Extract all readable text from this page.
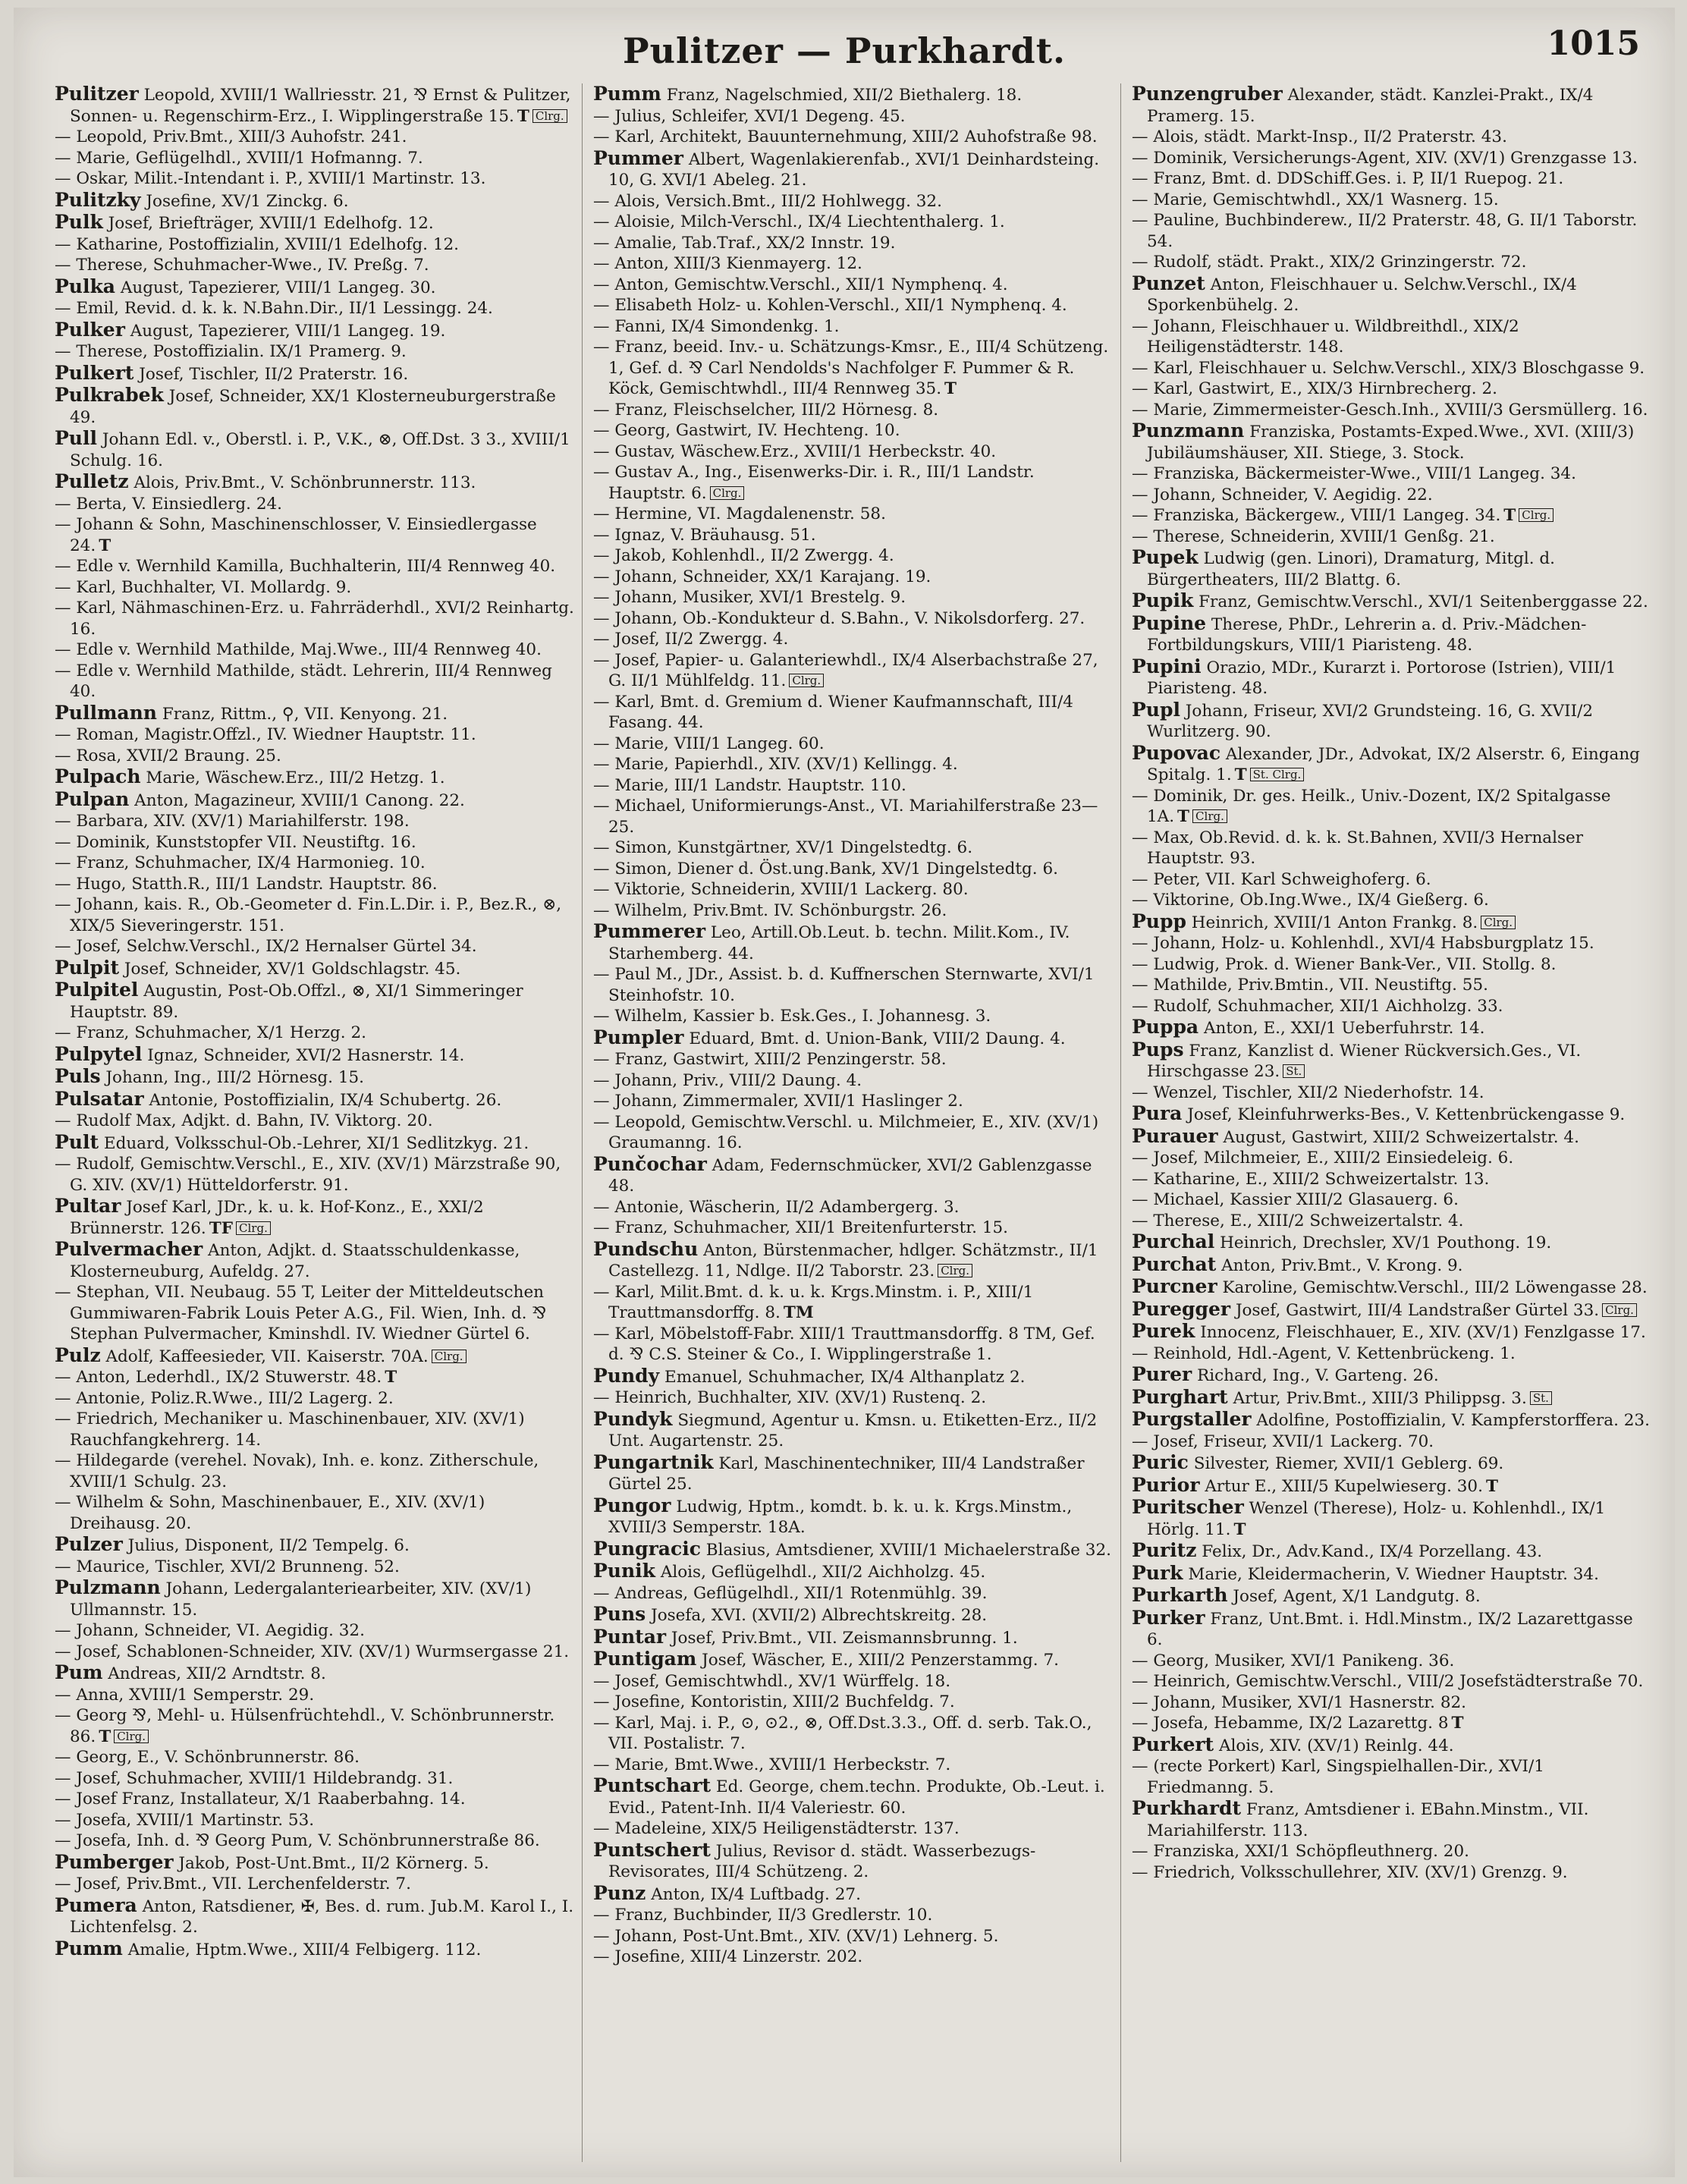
Pulitzer — Purkhardt.	1015

Pulitzer Leopold, XVIII/1 Wallriesstr. 21, ⅋ Ernst & Pulitzer, Sonnen- u. Regenschirm-Erz., I. Wipplingerstraße 15. T Clrg.

— Leopold, Priv.Bmt., XIII/3 Auhofstr. 241.

— Marie, Geflügelhdl., XVIII/1 Hofmanng. 7.

— Oskar, Milit.-Intendant i. P., XVIII/1 Martinstr. 13.

Pulitzky Josefine, XV/1 Zinckg. 6.

Pulk Josef, Briefträger, XVIII/1 Edelhofg. 12.

— Katharine, Postoffizialin, XVIII/1 Edelhofg. 12.

— Therese, Schuhmacher-Wwe., IV. Preßg. 7.

Pulka August, Tapezierer, VIII/1 Langeg. 30.

— Emil, Revid. d. k. k. N.Bahn.Dir., II/1 Lessingg. 24.

Pulker August, Tapezierer, VIII/1 Langeg. 19.

— Therese, Postoffizialin. IX/1 Pramerg. 9.

Pulkert Josef, Tischler, II/2 Praterstr. 16.

Pulkrabek Josef, Schneider, XX/1 Klosterneuburgerstraße 49.

Pull Johann Edl. v., Oberstl. i. P., V.K., ⊗, Off.Dst. 3 3., XVIII/1 Schulg. 16.

Pulletz Alois, Priv.Bmt., V. Schönbrunnerstr. 113.

— Berta, V. Einsiedlerg. 24.

— Johann & Sohn, Maschinenschlosser, V. Einsiedlergasse 24. T

— Edle v. Wernhild Kamilla, Buchhalterin, III/4 Rennweg 40.

— Karl, Buchhalter, VI. Mollardg. 9.

— Karl, Nähmaschinen-Erz. u. Fahrräderhdl., XVI/2 Reinhartg. 16.

— Edle v. Wernhild Mathilde, Maj.Wwe., III/4 Rennweg 40.

— Edle v. Wernhild Mathilde, städt. Lehrerin, III/4 Rennweg 40.

Pullmann Franz, Rittm., ⚲, VII. Kenyong. 21.

— Roman, Magistr.Offzl., IV. Wiedner Hauptstr. 11.

— Rosa, XVII/2 Braung. 25.

Pulpach Marie, Wäschew.Erz., III/2 Hetzg. 1.

Pulpan Anton, Magazineur, XVIII/1 Canong. 22.

— Barbara, XIV. (XV/1) Mariahilferstr. 198.

— Dominik, Kunststopfer VII. Neustiftg. 16.

— Franz, Schuhmacher, IX/4 Harmonieg. 10.

— Hugo, Statth.R., III/1 Landstr. Hauptstr. 86.

— Johann, kais. R., Ob.-Geometer d. Fin.L.Dir. i. P., Bez.R., ⊗, XIX/5 Sieveringerstr. 151.

— Josef, Selchw.Verschl., IX/2 Hernalser Gürtel 34.

Pulpit Josef, Schneider, XV/1 Goldschlagstr. 45.

Pulpitel Augustin, Post-Ob.Offzl., ⊗, XI/1 Simmeringer Hauptstr. 89.

— Franz, Schuhmacher, X/1 Herzg. 2.

Pulpytel Ignaz, Schneider, XVI/2 Hasnerstr. 14.

Puls Johann, Ing., III/2 Hörnesg. 15.

Pulsatar Antonie, Postoffizialin, IX/4 Schubertg. 26.

— Rudolf Max, Adjkt. d. Bahn, IV. Viktorg. 20.

Pult Eduard, Volksschul-Ob.-Lehrer, XI/1 Sedlitzkyg. 21.

— Rudolf, Gemischtw.Verschl., E., XIV. (XV/1) Märzstraße 90, G. XIV. (XV/1) Hütteldorferstr. 91.

Pultar Josef Karl, JDr., k. u. k. Hof-Konz., E., XXI/2 Brünnerstr. 126. TF Clrg.

Pulvermacher Anton, Adjkt. d. Staatsschuldenkasse, Klosterneuburg, Aufeldg. 27.

— Stephan, VII. Neubaug. 55 T, Leiter der Mitteldeutschen Gummiwaren-Fabrik Louis Peter A.G., Fil. Wien, Inh. d. ⅋ Stephan Pulvermacher, Kminshdl. IV. Wiedner Gürtel 6.

Pulz Adolf, Kaffeesieder, VII. Kaiserstr. 70A. Clrg.

— Anton, Lederhdl., IX/2 Stuwerstr. 48. T

— Antonie, Poliz.R.Wwe., III/2 Lagerg. 2.

— Friedrich, Mechaniker u. Maschinenbauer, XIV. (XV/1) Rauchfangkehrerg. 14.

— Hildegarde (verehel. Novak), Inh. e. konz. Zitherschule, XVIII/1 Schulg. 23.

— Wilhelm & Sohn, Maschinenbauer, E., XIV. (XV/1) Dreihausg. 20.

Pulzer Julius, Disponent, II/2 Tempelg. 6.

— Maurice, Tischler, XVI/2 Brunneng. 52.

Pulzmann Johann, Ledergalanteriearbeiter, XIV. (XV/1) Ullmannstr. 15.

— Johann, Schneider, VI. Aegidig. 32.

— Josef, Schablonen-Schneider, XIV. (XV/1) Wurmsergasse 21.

Pum Andreas, XII/2 Arndtstr. 8.

— Anna, XVIII/1 Semperstr. 29.

— Georg ⅋, Mehl- u. Hülsenfrüchtehdl., V. Schönbrunnerstr. 86. T Clrg.

— Georg, E., V. Schönbrunnerstr. 86.

— Josef, Schuhmacher, XVIII/1 Hildebrandg. 31.

— Josef Franz, Installateur, X/1 Raaberbahng. 14.

— Josefa, XVIII/1 Martinstr. 53.

— Josefa, Inh. d. ⅋ Georg Pum, V. Schönbrunnerstraße 86.

Pumberger Jakob, Post-Unt.Bmt., II/2 Körnerg. 5.

— Josef, Priv.Bmt., VII. Lerchenfelderstr. 7.

Pumera Anton, Ratsdiener, ✠, Bes. d. rum. Jub.M. Karol I., I. Lichtenfelsg. 2.

Pumm Amalie, Hptm.Wwe., XIII/4 Felbigerg. 112.

Pumm Franz, Nagelschmied, XII/2 Biethalerg. 18.

— Julius, Schleifer, XVI/1 Degeng. 45.

— Karl, Architekt, Bauunternehmung, XIII/2 Auhofstraße 98.

Pummer Albert, Wagenlakierenfab., XVI/1 Deinhardsteing. 10, G. XVI/1 Abeleg. 21.

— Alois, Versich.Bmt., III/2 Hohlwegg. 32.

— Aloisie, Milch-Verschl., IX/4 Liechtenthalerg. 1.

— Amalie, Tab.Traf., XX/2 Innstr. 19.

— Anton, XIII/3 Kienmayerg. 12.

— Anton, Gemischtw.Verschl., XII/1 Nymphenq. 4.

— Elisabeth Holz- u. Kohlen-Verschl., XII/1 Nymphenq. 4.

— Fanni, IX/4 Simondenkg. 1.

— Franz, beeid. Inv.- u. Schätzungs-Kmsr., E., III/4 Schützeng. 1, Gef. d. ⅋ Carl Nendolds's Nachfolger F. Pummer & R. Köck, Gemischtwhdl., III/4 Rennweg 35. T

— Franz, Fleischselcher, III/2 Hörnesg. 8.

— Georg, Gastwirt, IV. Hechteng. 10.

— Gustav, Wäschew.Erz., XVIII/1 Herbeckstr. 40.

— Gustav A., Ing., Eisenwerks-Dir. i. R., III/1 Landstr. Hauptstr. 6. Clrg.

— Hermine, VI. Magdalenenstr. 58.

— Ignaz, V. Bräuhausg. 51.

— Jakob, Kohlenhdl., II/2 Zwergg. 4.

— Johann, Schneider, XX/1 Karajang. 19.

— Johann, Musiker, XVI/1 Brestelg. 9.

— Johann, Ob.-Kondukteur d. S.Bahn., V. Nikolsdorferg. 27.

— Josef, II/2 Zwergg. 4.

— Josef, Papier- u. Galanteriewhdl., IX/4 Alserbachstraße 27, G. II/1 Mühlfeldg. 11. Clrg.

— Karl, Bmt. d. Gremium d. Wiener Kaufmannschaft, III/4 Fasang. 44.

— Marie, VIII/1 Langeg. 60.

— Marie, Papierhdl., XIV. (XV/1) Kellingg. 4.

— Marie, III/1 Landstr. Hauptstr. 110.

— Michael, Uniformierungs-Anst., VI. Mariahilferstraße 23—25.

— Simon, Kunstgärtner, XV/1 Dingelstedtg. 6.

— Simon, Diener d. Öst.ung.Bank, XV/1 Dingelstedtg. 6.

— Viktorie, Schneiderin, XVIII/1 Lackerg. 80.

— Wilhelm, Priv.Bmt. IV. Schönburgstr. 26.

Pummerer Leo, Artill.Ob.Leut. b. techn. Milit.Kom., IV. Starhemberg. 44.

— Paul M., JDr., Assist. b. d. Kuffnerschen Sternwarte, XVI/1 Steinhofstr. 10.

— Wilhelm, Kassier b. Esk.Ges., I. Johannesg. 3.

Pumpler Eduard, Bmt. d. Union-Bank, VIII/2 Daung. 4.

— Franz, Gastwirt, XIII/2 Penzingerstr. 58.

— Johann, Priv., VIII/2 Daung. 4.

— Johann, Zimmermaler, XVII/1 Haslinger 2.

— Leopold, Gemischtw.Verschl. u. Milchmeier, E., XIV. (XV/1) Graumanng. 16.

Punčochar Adam, Federnschmücker, XVI/2 Gablenzgasse 48.

— Antonie, Wäscherin, II/2 Adambergerg. 3.

— Franz, Schuhmacher, XII/1 Breitenfurterstr. 15.

Pundschu Anton, Bürstenmacher, hdlger. Schätzmstr., II/1 Castellezg. 11, Ndlge. II/2 Taborstr. 23. Clrg.

— Karl, Milit.Bmt. d. k. u. k. Krgs.Minstm. i. P., XIII/1 Trauttmansdorffg. 8. TM

— Karl, Möbelstoff-Fabr. XIII/1 Trauttmansdorffg. 8 TM, Gef. d. ⅋ C.S. Steiner & Co., I. Wipplingerstraße 1.

Pundy Emanuel, Schuhmacher, IX/4 Althanplatz 2.

— Heinrich, Buchhalter, XIV. (XV/1) Rustenq. 2.

Pundyk Siegmund, Agentur u. Kmsn. u. Etiketten-Erz., II/2 Unt. Augartenstr. 25.

Pungartnik Karl, Maschinentechniker, III/4 Landstraßer Gürtel 25.

Pungor Ludwig, Hptm., komdt. b. k. u. k. Krgs.Minstm., XVIII/3 Semperstr. 18A.

Pungracic Blasius, Amtsdiener, XVIII/1 Michaelerstraße 32.

Punik Alois, Geflügelhdl., XII/2 Aichholzg. 45.

— Andreas, Geflügelhdl., XII/1 Rotenmühlg. 39.

Puns Josefa, XVI. (XVII/2) Albrechtskreitg. 28.

Puntar Josef, Priv.Bmt., VII. Zeismannsbrunng. 1.

Puntigam Josef, Wäscher, E., XIII/2 Penzerstammg. 7.

— Josef, Gemischtwhdl., XV/1 Würffelg. 18.

— Josefine, Kontoristin, XIII/2 Buchfeldg. 7.

— Karl, Maj. i. P., ⊙, ⊙2., ⊗, Off.Dst.3.3., Off. d. serb. Tak.O., VII. Postalistr. 7.

— Marie, Bmt.Wwe., XVIII/1 Herbeckstr. 7.

Puntschart Ed. George, chem.techn. Produkte, Ob.-Leut. i. Evid., Patent-Inh. II/4 Valeriestr. 60.

— Madeleine, XIX/5 Heiligenstädterstr. 137.

Puntschert Julius, Revisor d. städt. Wasserbezugs-Revisorates, III/4 Schützeng. 2.

Punz Anton, IX/4 Luftbadg. 27.

— Franz, Buchbinder, II/3 Gredlerstr. 10.

— Johann, Post-Unt.Bmt., XIV. (XV/1) Lehnerg. 5.

— Josefine, XIII/4 Linzerstr. 202.

Punzengruber Alexander, städt. Kanzlei-Prakt., IX/4 Pramerg. 15.

— Alois, städt. Markt-Insp., II/2 Praterstr. 43.

— Dominik, Versicherungs-Agent, XIV. (XV/1) Grenzgasse 13.

— Franz, Bmt. d. DDSchiff.Ges. i. P, II/1 Ruepog. 21.

— Marie, Gemischtwhdl., XX/1 Wasnerg. 15.

— Pauline, Buchbinderew., II/2 Praterstr. 48, G. II/1 Taborstr. 54.

— Rudolf, städt. Prakt., XIX/2 Grinzingerstr. 72.

Punzet Anton, Fleischhauer u. Selchw.Verschl., IX/4 Sporkenbühelg. 2.

— Johann, Fleischhauer u. Wildbreithdl., XIX/2 Heiligenstädterstr. 148.

— Karl, Fleischhauer u. Selchw.Verschl., XIX/3 Bloschgasse 9.

— Karl, Gastwirt, E., XIX/3 Hirnbrecherg. 2.

— Marie, Zimmermeister-Gesch.Inh., XVIII/3 Gersmüllerg. 16.

Punzmann Franziska, Postamts-Exped.Wwe., XVI. (XIII/3) Jubiläumshäuser, XII. Stiege, 3. Stock.

— Franziska, Bäckermeister-Wwe., VIII/1 Langeg. 34.

— Johann, Schneider, V. Aegidig. 22.

— Franziska, Bäckergew., VIII/1 Langeg. 34. T Clrg.

— Therese, Schneiderin, XVIII/1 Genßg. 21.

Pupek Ludwig (gen. Linori), Dramaturg, Mitgl. d. Bürgertheaters, III/2 Blattg. 6.

Pupik Franz, Gemischtw.Verschl., XVI/1 Seitenberggasse 22.

Pupine Therese, PhDr., Lehrerin a. d. Priv.-Mädchen-Fortbildungskurs, VIII/1 Piaristeng. 48.

Pupini Orazio, MDr., Kurarzt i. Portorose (Istrien), VIII/1 Piaristeng. 48.

Pupl Johann, Friseur, XVI/2 Grundsteing. 16, G. XVII/2 Wurlitzerg. 90.

Pupovac Alexander, JDr., Advokat, IX/2 Alserstr. 6, Eingang Spitalg. 1. T St. Clrg.

— Dominik, Dr. ges. Heilk., Univ.-Dozent, IX/2 Spitalgasse 1A. T Clrg.

— Max, Ob.Revid. d. k. k. St.Bahnen, XVII/3 Hernalser Hauptstr. 93.

— Peter, VII. Karl Schweighoferg. 6.

— Viktorine, Ob.Ing.Wwe., IX/4 Gießerg. 6.

Pupp Heinrich, XVIII/1 Anton Frankg. 8. Clrg.

— Johann, Holz- u. Kohlenhdl., XVI/4 Habsburgplatz 15.

— Ludwig, Prok. d. Wiener Bank-Ver., VII. Stollg. 8.

— Mathilde, Priv.Bmtin., VII. Neustiftg. 55.

— Rudolf, Schuhmacher, XII/1 Aichholzg. 33.

Puppa Anton, E., XXI/1 Ueberfuhrstr. 14.

Pups Franz, Kanzlist d. Wiener Rückversich.Ges., VI. Hirschgasse 23. St.

— Wenzel, Tischler, XII/2 Niederhofstr. 14.

Pura Josef, Kleinfuhrwerks-Bes., V. Kettenbrückengasse 9.

Purauer August, Gastwirt, XIII/2 Schweizertalstr. 4.

— Josef, Milchmeier, E., XIII/2 Einsiedeleig. 6.

— Katharine, E., XIII/2 Schweizertalstr. 13.

— Michael, Kassier XIII/2 Glasauerg. 6.

— Therese, E., XIII/2 Schweizertalstr. 4.

Purchal Heinrich, Drechsler, XV/1 Pouthong. 19.

Purchat Anton, Priv.Bmt., V. Krong. 9.

Purcner Karoline, Gemischtw.Verschl., III/2 Löwengasse 28.

Puregger Josef, Gastwirt, III/4 Landstraßer Gürtel 33. Clrg.

Purek Innocenz, Fleischhauer, E., XIV. (XV/1) Fenzlgasse 17.

— Reinhold, Hdl.-Agent, V. Kettenbrückeng. 1.

Purer Richard, Ing., V. Garteng. 26.

Purghart Artur, Priv.Bmt., XIII/3 Philippsg. 3. St.

Purgstaller Adolfine, Postoffizialin, V. Kampferstorffera. 23.

— Josef, Friseur, XVII/1 Lackerg. 70.

Puric Silvester, Riemer, XVII/1 Geblerg. 69.

Purior Artur E., XIII/5 Kupelwieserg. 30. T

Puritscher Wenzel (Therese), Holz- u. Kohlenhdl., IX/1 Hörlg. 11. T

Puritz Felix, Dr., Adv.Kand., IX/4 Porzellang. 43.

Purk Marie, Kleidermacherin, V. Wiedner Hauptstr. 34.

Purkarth Josef, Agent, X/1 Landgutg. 8.

Purker Franz, Unt.Bmt. i. Hdl.Minstm., IX/2 Lazarettgasse 6.

— Georg, Musiker, XVI/1 Panikeng. 36.

— Heinrich, Gemischtw.Verschl., VIII/2 Josefstädterstraße 70.

— Johann, Musiker, XVI/1 Hasnerstr. 82.

— Josefa, Hebamme, IX/2 Lazarettg. 8 T

Purkert Alois, XIV. (XV/1) Reinlg. 44.

— (recte Porkert) Karl, Singspielhallen-Dir., XVI/1 Friedmanng. 5.

Purkhardt Franz, Amtsdiener i. EBahn.Minstm., VII. Mariahilferstr. 113.

— Franziska, XXI/1 Schöpfleuthnerg. 20.

— Friedrich, Volksschullehrer, XIV. (XV/1) Grenzg. 9.
